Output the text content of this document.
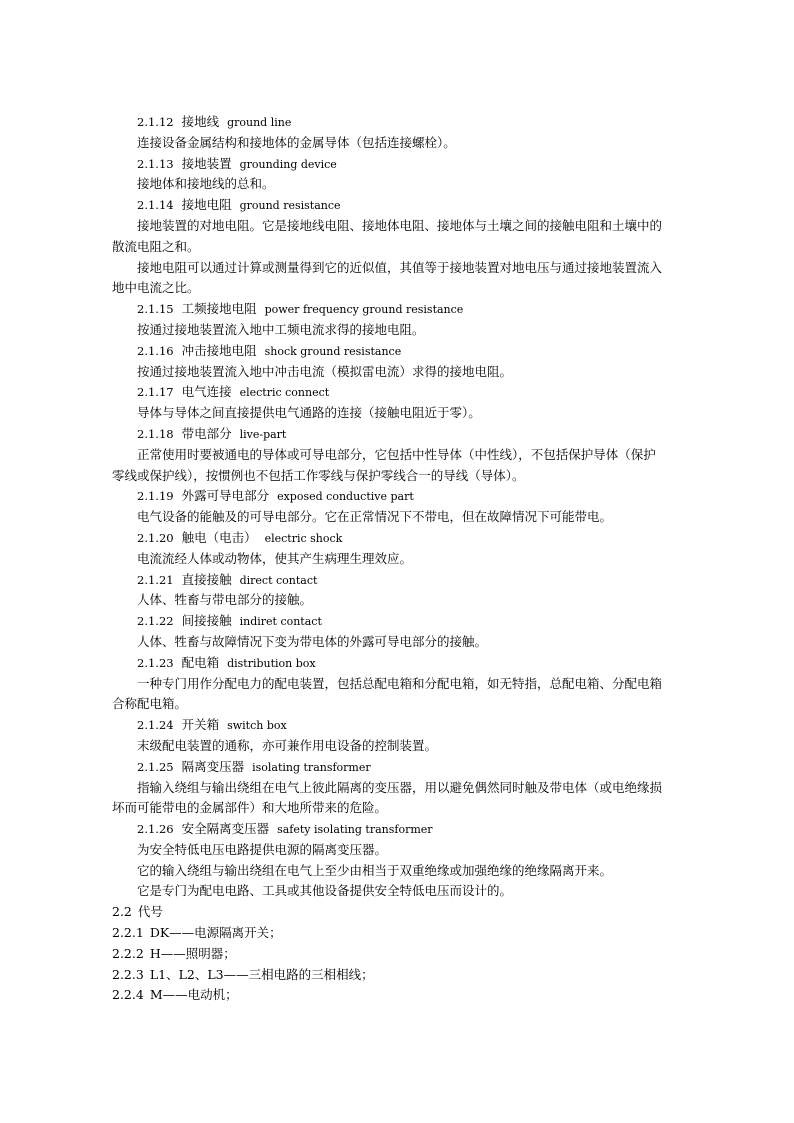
2.1.12 接地线 ground line
连接设备金属结构和接地体的金属导体（包括连接螺栓）。
2.1.13 接地装置 grounding device
接地体和接地线的总和。
2.1.14 接地电阻 ground resistance
接地装置的对地电阻。它是接地线电阻、接地体电阻、接地体与土壤之间的接触电阻和土壤中的
散流电阻之和。
接地电阻可以通过计算或测量得到它的近似值，其值等于接地装置对地电压与通过接地装置流入
地中电流之比。
2.1.15 工频接地电阻 power frequency ground resistance
按通过接地装置流入地中工频电流求得的接地电阻。
2.1.16 冲击接地电阻 shock ground resistance
按通过接地装置流入地中冲击电流（模拟雷电流）求得的接地电阻。
2.1.17 电气连接 electric connect
导体与导体之间直接提供电气通路的连接（接触电阻近于零）。
2.1.18 带电部分 live-part
正常使用时要被通电的导体或可导电部分，它包括中性导体（中性线），不包括保护导体（保护
零线或保护线），按惯例也不包括工作零线与保护零线合一的导线（导体）。
2.1.19 外露可导电部分 exposed conductive part
电气设备的能触及的可导电部分。它在正常情况下不带电，但在故障情况下可能带电。
2.1.20 触电（电击） electric shock
电流流经人体或动物体，使其产生病理生理效应。
2.1.21 直接接触 direct contact
人体、牲畜与带电部分的接触。
2.1.22 间接接触 indiret contact
人体、牲畜与故障情况下变为带电体的外露可导电部分的接触。
2.1.23 配电箱 distribution box
一种专门用作分配电力的配电装置，包括总配电箱和分配电箱，如无特指，总配电箱、分配电箱
合称配电箱。
2.1.24 开关箱 switch box
末级配电装置的通称，亦可兼作用电设备的控制装置。
2.1.25 隔离变压器 isolating transformer
指输入绕组与输出绕组在电气上彼此隔离的变压器，用以避免偶然同时触及带电体（或电绝缘损
坏而可能带电的金属部件）和大地所带来的危险。
2.1.26 安全隔离变压器 safety isolating transformer
为安全特低电压电路提供电源的隔离变压器。
它的输入绕组与输出绕组在电气上至少由相当于双重绝缘或加强绝缘的绝缘隔离开来。
它是专门为配电电路、工具或其他设备提供安全特低电压而设计的。
2.2 代号
2.2.1 DK——电源隔离开关；
2.2.2 H——照明器；
2.2.3 L1、L2、L3——三相电路的三相相线；
2.2.4 M——电动机；
